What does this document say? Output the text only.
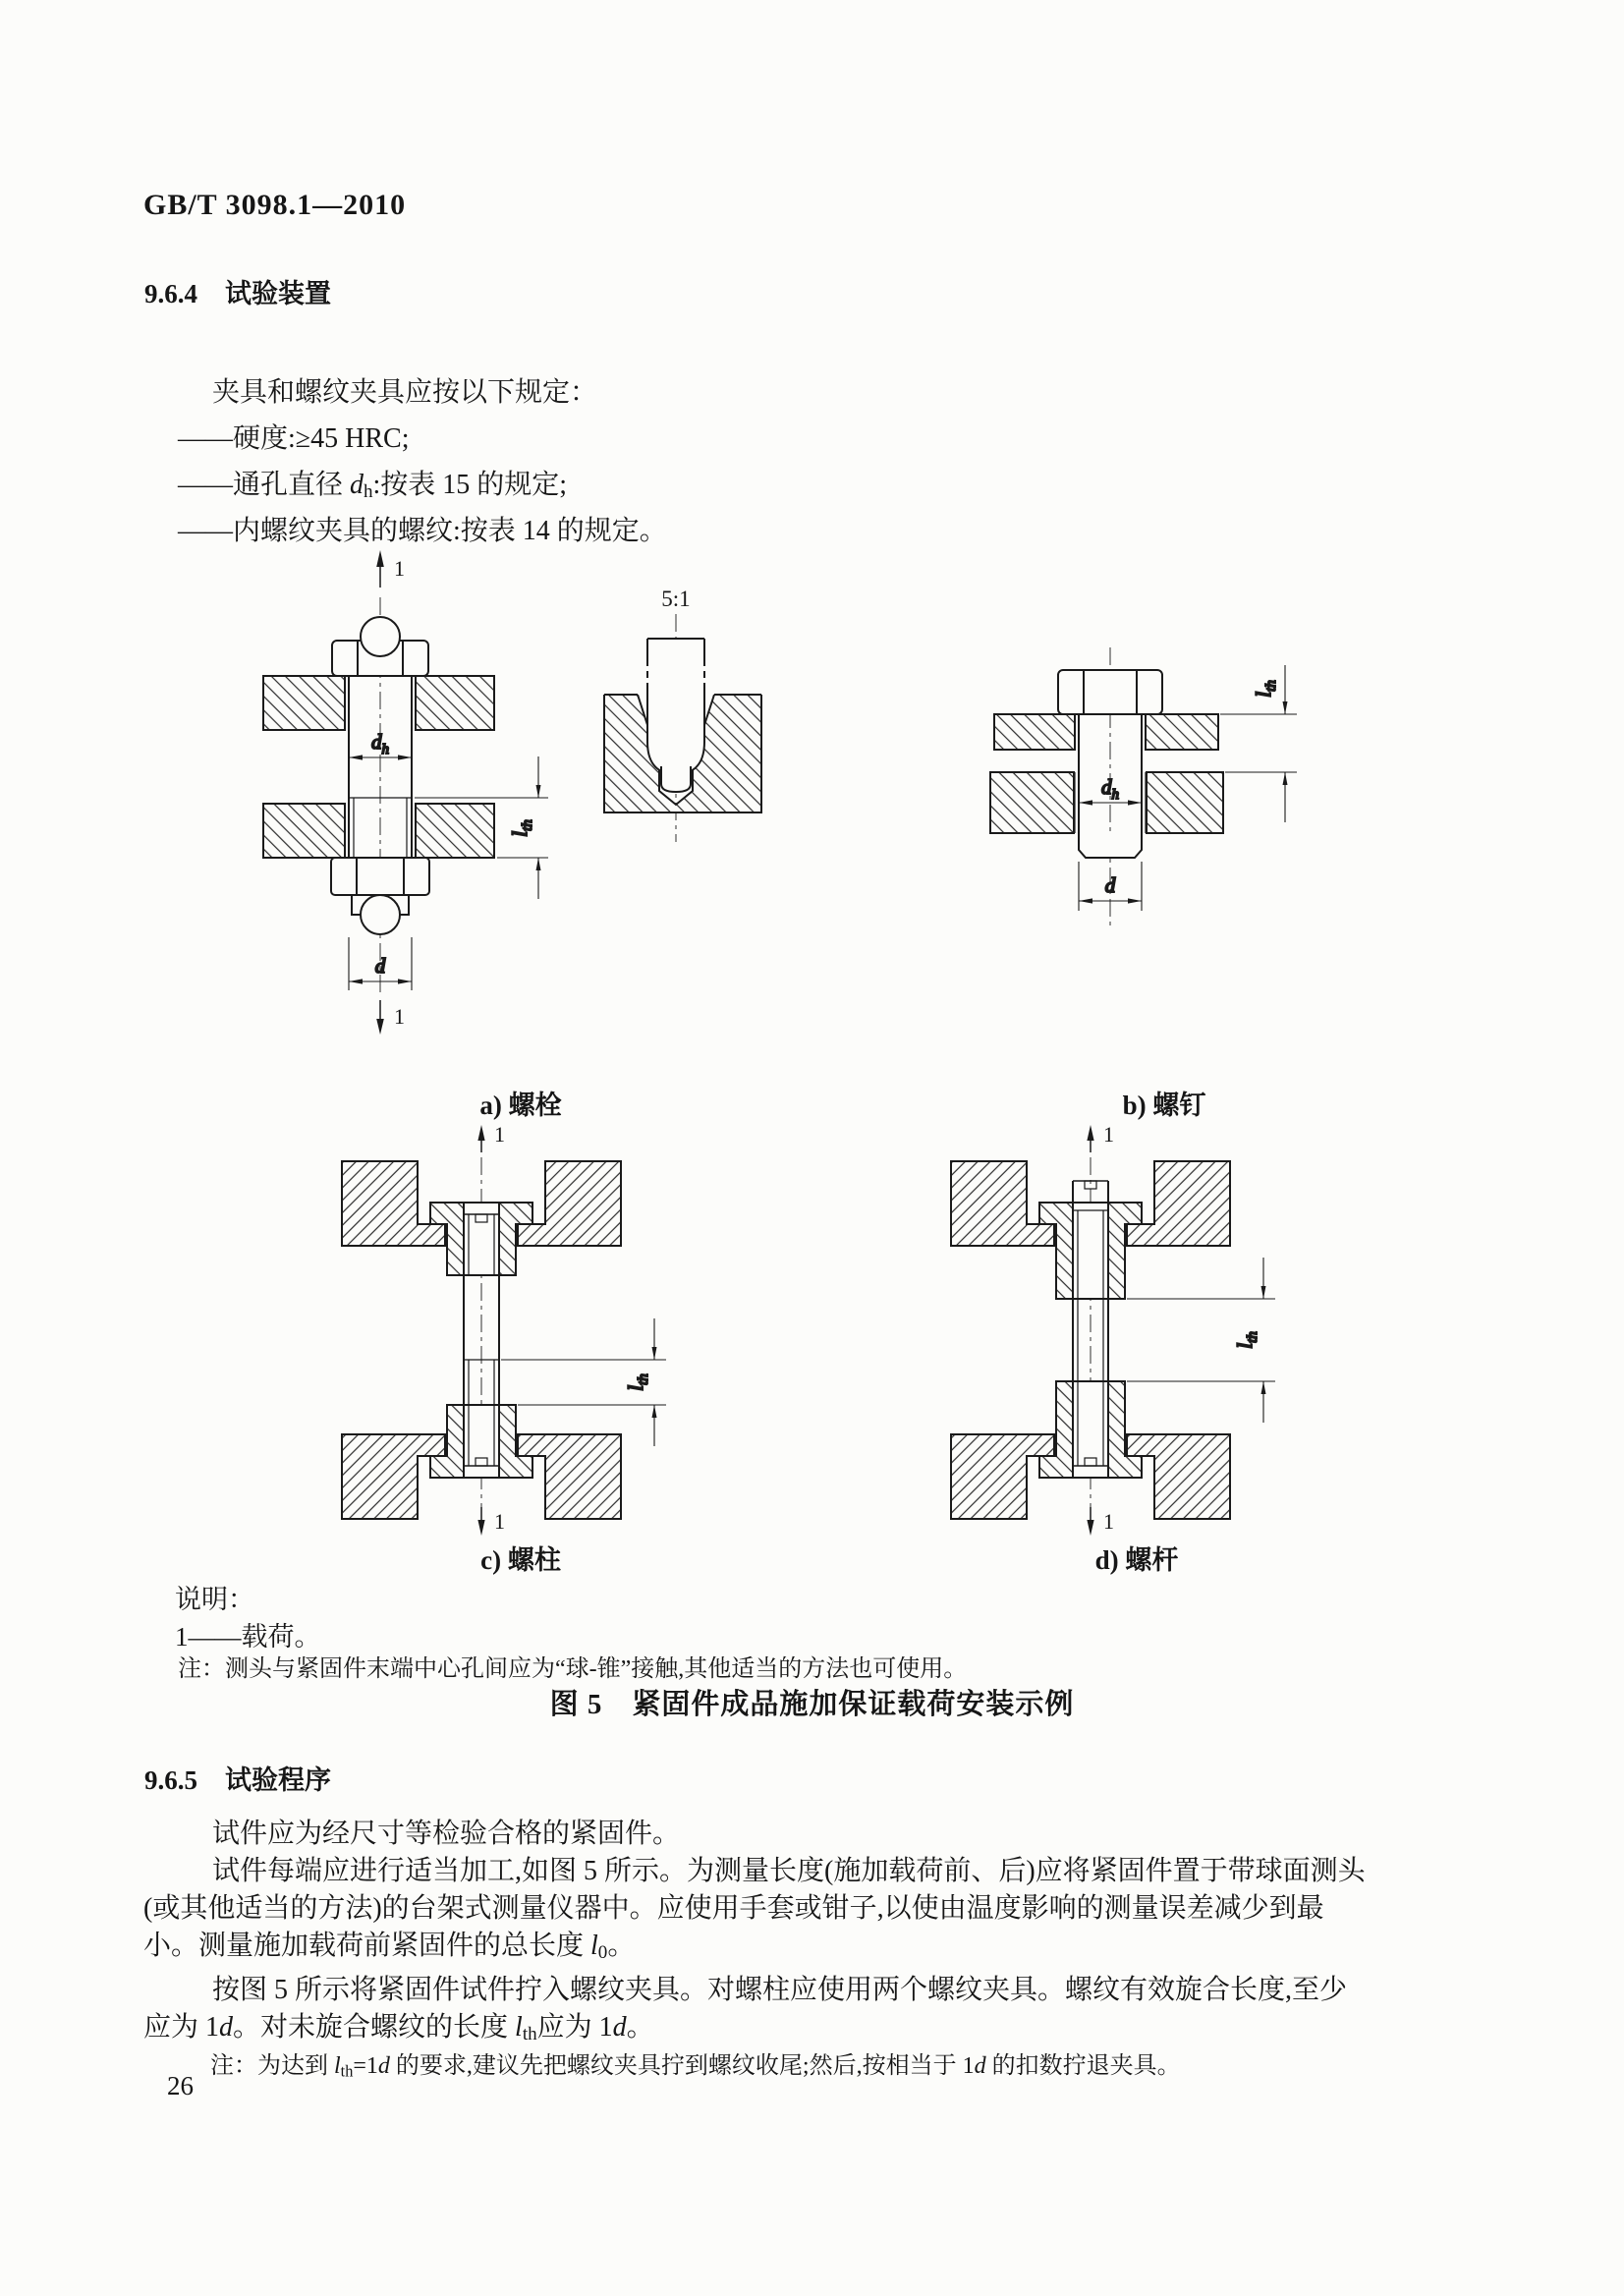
GB/T 3098.1—2010
9.6.4 试验装置
夹具和螺纹夹具应按以下规定：
——硬度:≥45 HRC;
——通孔直径 dh:按表 15 的规定;
——内螺纹夹具的螺纹:按表 14 的规定。
$d_h$
$l_{th}$
d
1
1
5:1
$d_h$
d
$l_{th}$
a) 螺栓	b) 螺钉
$l_{th}$
1
1
$l_{th}$
1
1
c) 螺柱	d) 螺杆
说明：
1——载荷。
注：测头与紧固件末端中心孔间应为“球-锥”接触,其他适当的方法也可使用。
图 5　紧固件成品施加保证载荷安装示例
9.6.5 试验程序
试件应为经尺寸等检验合格的紧固件。
试件每端应进行适当加工,如图 5 所示。为测量长度(施加载荷前、后)应将紧固件置于带球面测头
(或其他适当的方法)的台架式测量仪器中。应使用手套或钳子,以使由温度影响的测量误差减少到最
小。测量施加载荷前紧固件的总长度 l0。
按图 5 所示将紧固件试件拧入螺纹夹具。对螺柱应使用两个螺纹夹具。螺纹有效旋合长度,至少
应为 1d。对未旋合螺纹的长度 lth应为 1d。
注：为达到 lth=1d 的要求,建议先把螺纹夹具拧到螺纹收尾;然后,按相当于 1d 的扣数拧退夹具。
26
